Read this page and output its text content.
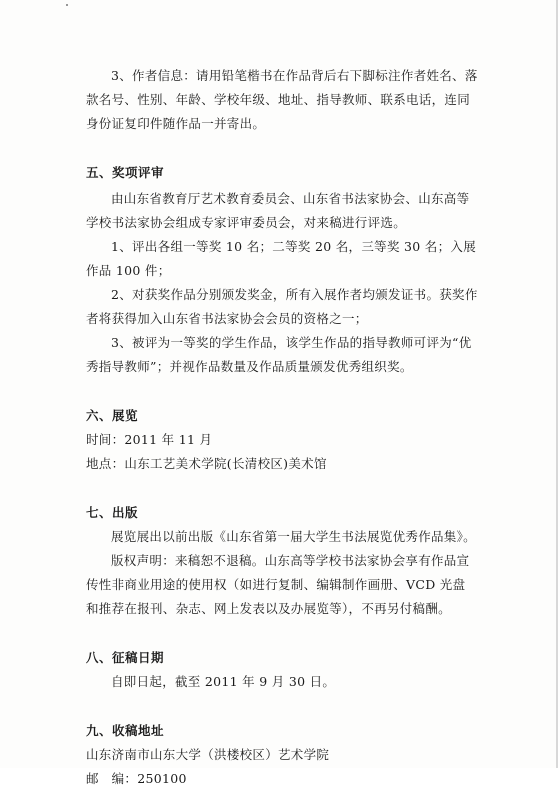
3、作者信息：请用铅笔楷书在作品背后右下脚标注作者姓名、落款名号、性别、年龄、学校年级、地址、指导教师、联系电话，连同身份证复印件随作品一并寄出。

五、奖项评审

由山东省教育厅艺术教育委员会、山东省书法家协会、山东高等学校书法家协会组成专家评审委员会，对来稿进行评选。

1、评出各组一等奖 10 名；二等奖 20 名，三等奖 30 名；入展作品 100 件；

2、对获奖作品分别颁发奖金，所有入展作者均颁发证书。获奖作者将获得加入山东省书法家协会会员的资格之一；

3、被评为一等奖的学生作品，该学生作品的指导教师可评为“优秀指导教师”；并视作品数量及作品质量颁发优秀组织奖。

六、展览

时间：2011 年 11 月

地点：山东工艺美术学院(长清校区)美术馆

七、出版

展览展出以前出版《山东省第一届大学生书法展览优秀作品集》。

版权声明：来稿恕不退稿。山东高等学校书法家协会享有作品宣传性非商业用途的使用权（如进行复制、编辑制作画册、VCD 光盘和推荐在报刊、杂志、网上发表以及办展览等），不再另付稿酬。

八、征稿日期

自即日起，截至 2011 年 9 月 30 日。

九、收稿地址

山东济南市山东大学（洪楼校区）艺术学院

邮　编：250100
